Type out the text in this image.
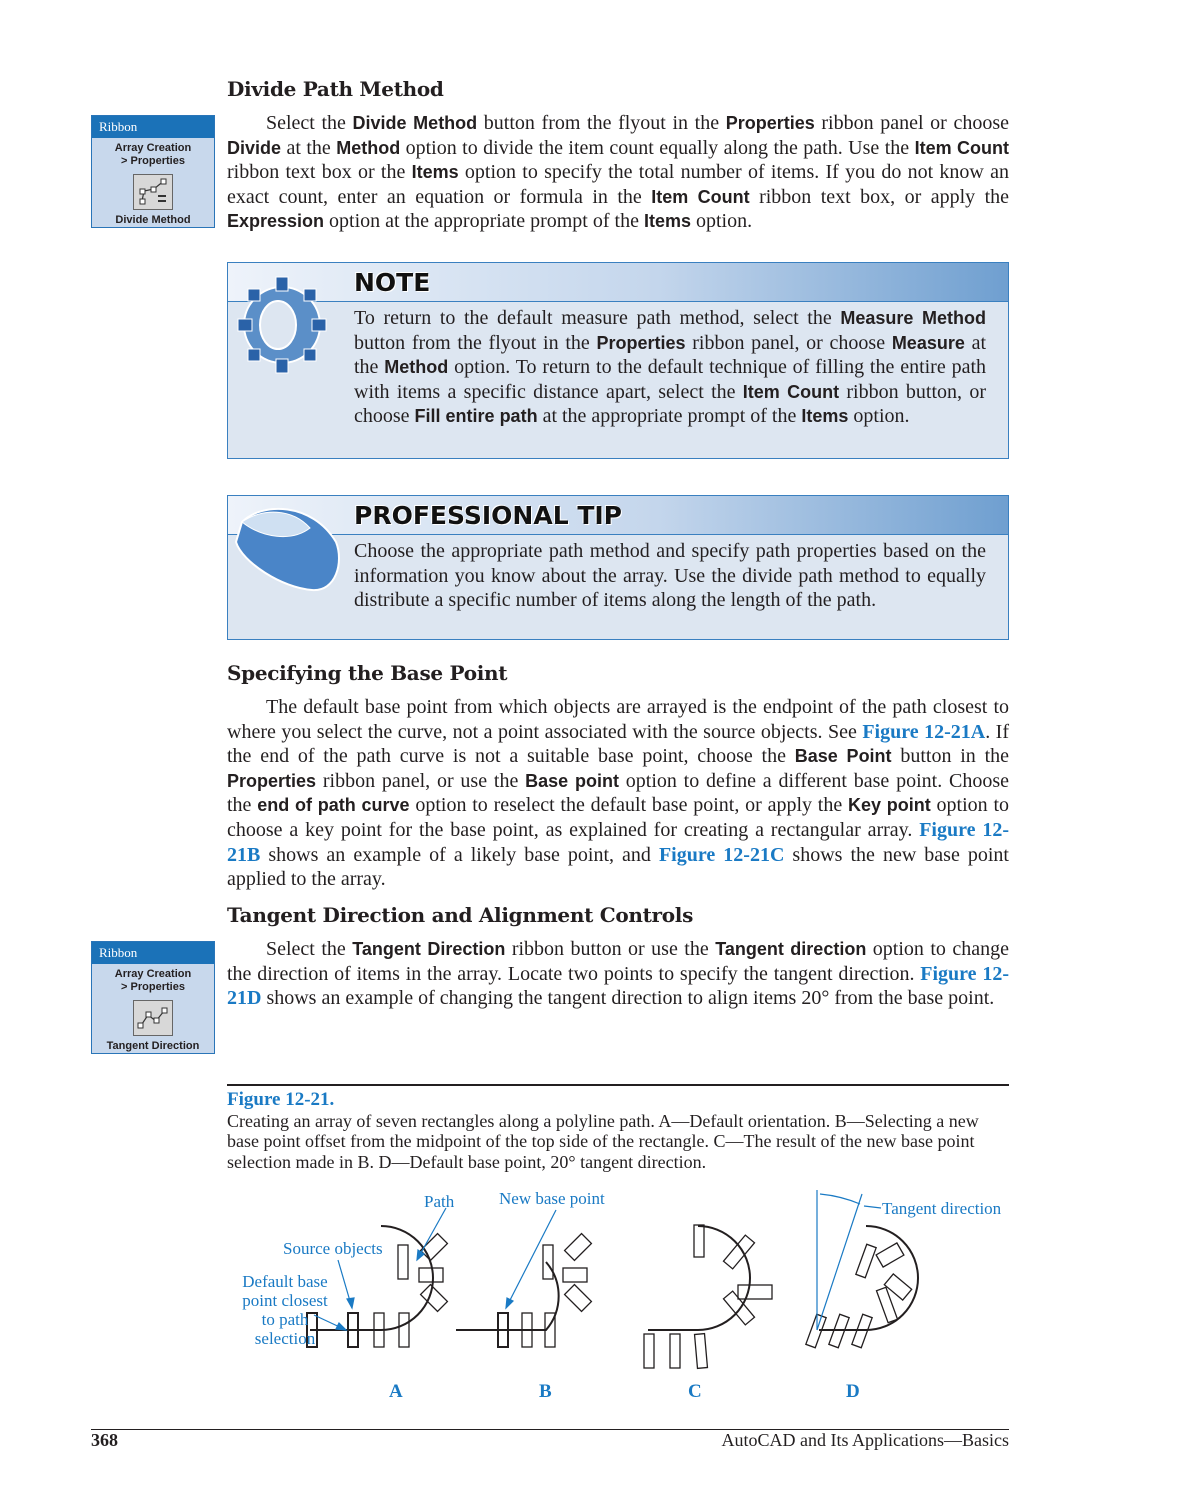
Divide Path Method
Select the Divide Method button from the flyout in the Properties ribbon panel or choose Divide at the Method option to divide the item count equally along the path. Use the Item Count ribbon text box or the Items option to specify the total number of items. If you do not know an exact count, enter an equation or formula in the Item Count ribbon text box, or apply the Expression option at the appropriate prompt of the Items option.
Ribbon
Array Creation
> Properties
Divide Method
NOTE
To return to the default measure path method, select the Measure Method button from the flyout in the Properties ribbon panel, or choose Measure at the Method option. To return to the default technique of filling the entire path with items a specific distance apart, select the Item Count ribbon button, or choose Fill entire path at the appropriate prompt of the Items option.
PROFESSIONAL TIP
Choose the appropriate path method and specify path properties based on the information you know about the array. Use the divide path method to equally distribute a specific number of items along the length of the path.
Specifying the Base Point
The default base point from which objects are arrayed is the endpoint of the path closest to where you select the curve, not a point associated with the source objects. See Figure 12-21A. If the end of the path curve is not a suitable base point, choose the Base Point button in the Properties ribbon panel, or use the Base point option to define a different base point. Choose the end of path curve option to reselect the default base point, or apply the Key point option to choose a key point for the base point, as explained for creating a rectangular array. Figure 12-21B shows an example of a likely base point, and Figure 12-21C shows the new base point applied to the array.
Tangent Direction and Alignment Controls
Select the Tangent Direction ribbon button or use the Tangent direction option to change the direction of items in the array. Locate two points to specify the tangent direction. Figure 12-21D shows an example of changing the tangent direction to align items 20° from the base point.
Ribbon
Array Creation
> Properties
Tangent Direction
Figure 12-21.
Creating an array of seven rectangles along a polyline path. A—Default orientation. B—Selecting a new base point offset from the midpoint of the top side of the rectangle. C—The result of the new base point selection made in B. D—Default base point, 20° tangent direction.
Path
Source objects
Default base
point closest
to path
selection
New base point
Tangent direction
A	B	C	D
368	AutoCAD and Its Applications—Basics
